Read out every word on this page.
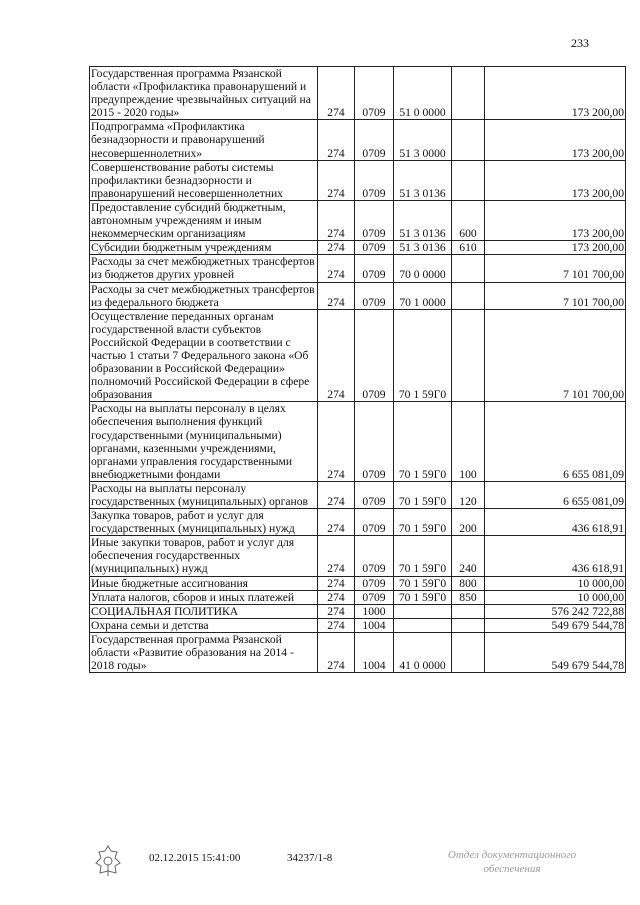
233
Государственная программа Рязанской области «Профилактика правонарушений и предупреждение чрезвычайных ситуаций на 2015 - 2020 годы»	274	0709	51 0 0000		173 200,00
Подпрограмма «Профилактика безнадзорности и правонарушений несовершеннолетних»	274	0709	51 3 0000		173 200,00
Совершенствование работы системы профилактики безнадзорности и правонарушений несовершеннолетних	274	0709	51 3 0136		173 200,00
Предоставление субсидий бюджетным, автономным учреждениям и иным некоммерческим организациям	274	0709	51 3 0136	600	173 200,00
Субсидии бюджетным учреждениям	274	0709	51 3 0136	610	173 200,00
Расходы за счет межбюджетных трансфертов из бюджетов других уровней	274	0709	70 0 0000		7 101 700,00
Расходы за счет межбюджетных трансфертов из федерального бюджета	274	0709	70 1 0000		7 101 700,00
Осуществление переданных органам государственной власти субъектов Российской Федерации в соответствии с частью 1 статьи 7 Федерального закона «Об образовании в Российской Федерации» полномочий Российской Федерации в сфере образования	274	0709	70 1 59Г0		7 101 700,00
Расходы на выплаты персоналу в целях обеспечения выполнения функций государственными (муниципальными) органами, казенными учреждениями, органами управления государственными внебюджетными фондами	274	0709	70 1 59Г0	100	6 655 081,09
Расходы на выплаты персоналу государственных (муниципальных) органов	274	0709	70 1 59Г0	120	6 655 081,09
Закупка товаров, работ и услуг для государственных (муниципальных) нужд	274	0709	70 1 59Г0	200	436 618,91
Иные закупки товаров, работ и услуг для обеспечения государственных (муниципальных) нужд	274	0709	70 1 59Г0	240	436 618,91
Иные бюджетные ассигнования	274	0709	70 1 59Г0	800	10 000,00
Уплата налогов, сборов и иных платежей	274	0709	70 1 59Г0	850	10 000,00
СОЦИАЛЬНАЯ ПОЛИТИКА	274	1000			576 242 722,88
Охрана семьи и детства	274	1004			549 679 544,78
Государственная программа Рязанской области «Развитие образования на 2014 - 2018 годы»	274	1004	41 0 0000		549 679 544,78
02.12.2015 15:41:00	34237/1-8	Отдел документационного
обеспечения
